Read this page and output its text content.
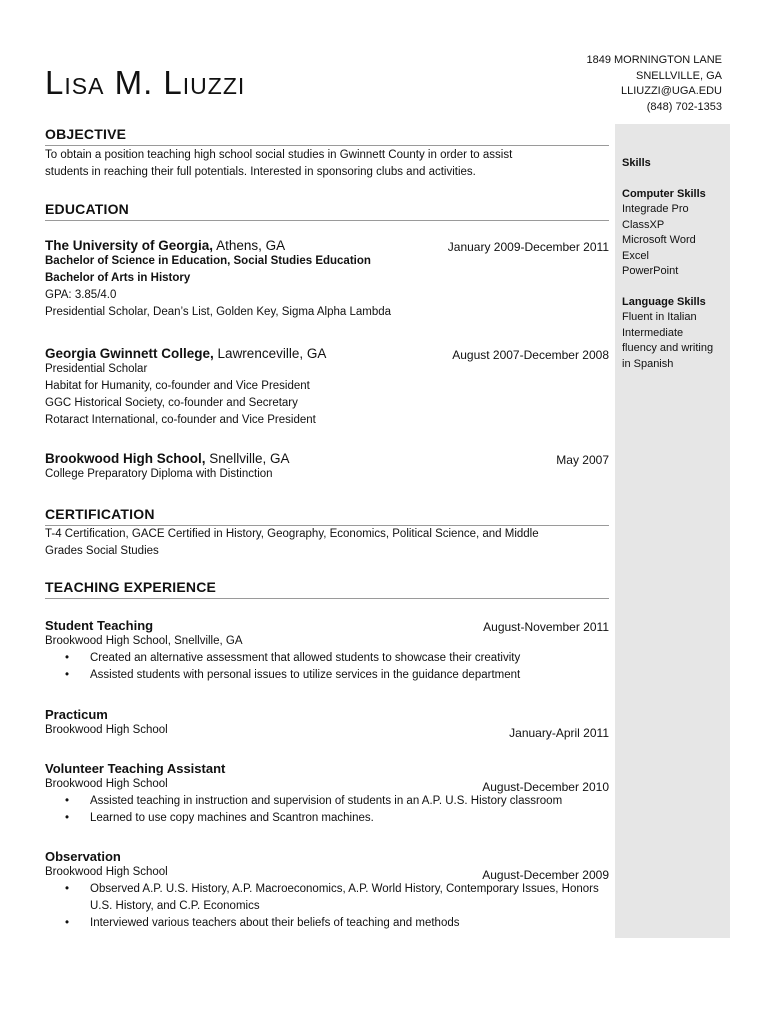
Lisa M. Liuzzi
1849 MORNINGTON LANE
SNELLVILLE, GA
LLIUZZI@UGA.EDU
(848) 702-1353
Skills
Computer Skills
Integrade Pro
ClassXP
Microsoft Word
Excel
PowerPoint
Language Skills
Fluent in Italian
Intermediate
fluency and writing
in Spanish
OBJECTIVE
To obtain a position teaching high school social studies in Gwinnett County in order to assist
students in reaching their full potentials. Interested in sponsoring clubs and activities.
EDUCATION
The University of Georgia, Athens, GA	January 2009-December 2011
Bachelor of Science in Education, Social Studies Education
Bachelor of Arts in History
GPA: 3.85/4.0
Presidential Scholar, Dean’s List, Golden Key, Sigma Alpha Lambda
Georgia Gwinnett College, Lawrenceville, GA	August 2007-December 2008
Presidential Scholar
Habitat for Humanity, co-founder and Vice President
GGC Historical Society, co-founder and Secretary
Rotaract International, co-founder and Vice President
Brookwood High School, Snellville, GA	May 2007
College Preparatory Diploma with Distinction
CERTIFICATION
T-4 Certification, GACE Certified in History, Geography, Economics, Political Science, and Middle
Grades Social Studies
TEACHING EXPERIENCE
Student Teaching	August-November 2011
Brookwood High School, Snellville, GA
• Created an alternative assessment that allowed students to showcase their creativity
• Assisted students with personal issues to utilize services in the guidance department
Practicum
Brookwood High School	January-April 2011
Volunteer Teaching Assistant
Brookwood High School	August-December 2010
• Assisted teaching in instruction and supervision of students in an A.P. U.S. History classroom
• Learned to use copy machines and Scantron machines.
Observation
Brookwood High School	August-December 2009
• Observed A.P. U.S. History, A.P. Macroeconomics, A.P. World History, Contemporary Issues, Honors U.S. History, and C.P. Economics
• Interviewed various teachers about their beliefs of teaching and methods
